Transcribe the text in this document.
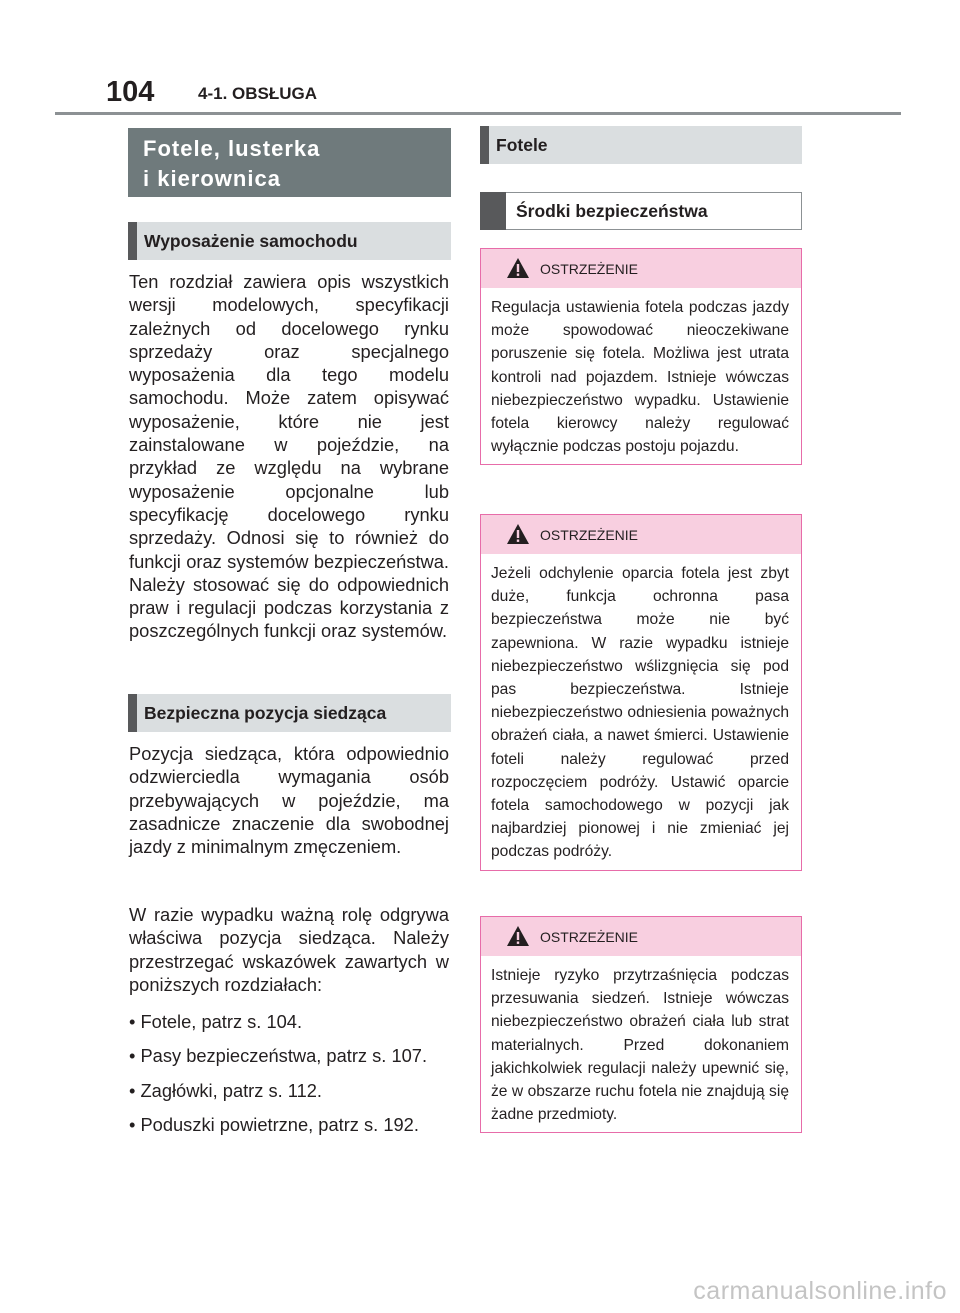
104	4-1. OBSŁUGA
Fotele, lusterka
i kierownica
Wyposażenie samochodu
Ten rozdział zawiera opis wszystkich wersji modelowych, specyfikacji zależnych od docelowego rynku sprzedaży oraz specjalnego wyposażenia dla tego modelu samochodu. Może zatem opisywać wyposażenie, które nie jest zainstalowane w pojeździe, na przykład ze względu na wybrane wyposażenie opcjonalne lub specyfikację docelowego rynku sprzedaży. Odnosi się to również do funkcji oraz systemów bezpieczeństwa. Należy stosować się do odpowiednich praw i regulacji podczas korzystania z poszczególnych funkcji oraz systemów.
Bezpieczna pozycja siedząca
Pozycja siedząca, która odpowiednio odzwierciedla wymagania osób przebywających w pojeździe, ma zasadnicze znaczenie dla swobodnej jazdy z minimalnym zmęczeniem.
W razie wypadku ważną rolę odgrywa właściwa pozycja siedząca. Należy przestrzegać wskazówek zawartych w poniższych rozdziałach:
• Fotele, patrz s. 104.
• Pasy bezpieczeństwa, patrz s. 107.
• Zagłówki, patrz s. 112.
• Poduszki powietrzne, patrz s. 192.
Fotele
Środki bezpieczeństwa
OSTRZEŻENIE
Regulacja ustawienia fotela podczas jazdy może spowodować nieoczekiwane poruszenie się fotela. Możliwa jest utrata kontroli nad pojazdem. Istnieje wówczas niebezpieczeństwo wypadku. Ustawienie fotela kierowcy należy regulować wyłącznie podczas postoju pojazdu.
OSTRZEŻENIE
Jeżeli odchylenie oparcia fotela jest zbyt duże, funkcja ochronna pasa bezpieczeństwa może nie być zapewniona. W razie wypadku istnieje niebezpieczeństwo wślizgnięcia się pod pas bezpieczeństwa. Istnieje niebezpieczeństwo odniesienia poważnych obrażeń ciała, a nawet śmierci. Ustawienie foteli należy regulować przed rozpoczęciem podróży. Ustawić oparcie fotela samochodowego w pozycji jak najbardziej pionowej i nie zmieniać jej podczas podróży.
OSTRZEŻENIE
Istnieje ryzyko przytrzaśnięcia podczas przesuwania siedzeń. Istnieje wówczas niebezpieczeństwo obrażeń ciała lub strat materialnych. Przed dokonaniem jakichkolwiek regulacji należy upewnić się, że w obszarze ruchu fotela nie znajdują się żadne przedmioty.
carmanualsonline.info
